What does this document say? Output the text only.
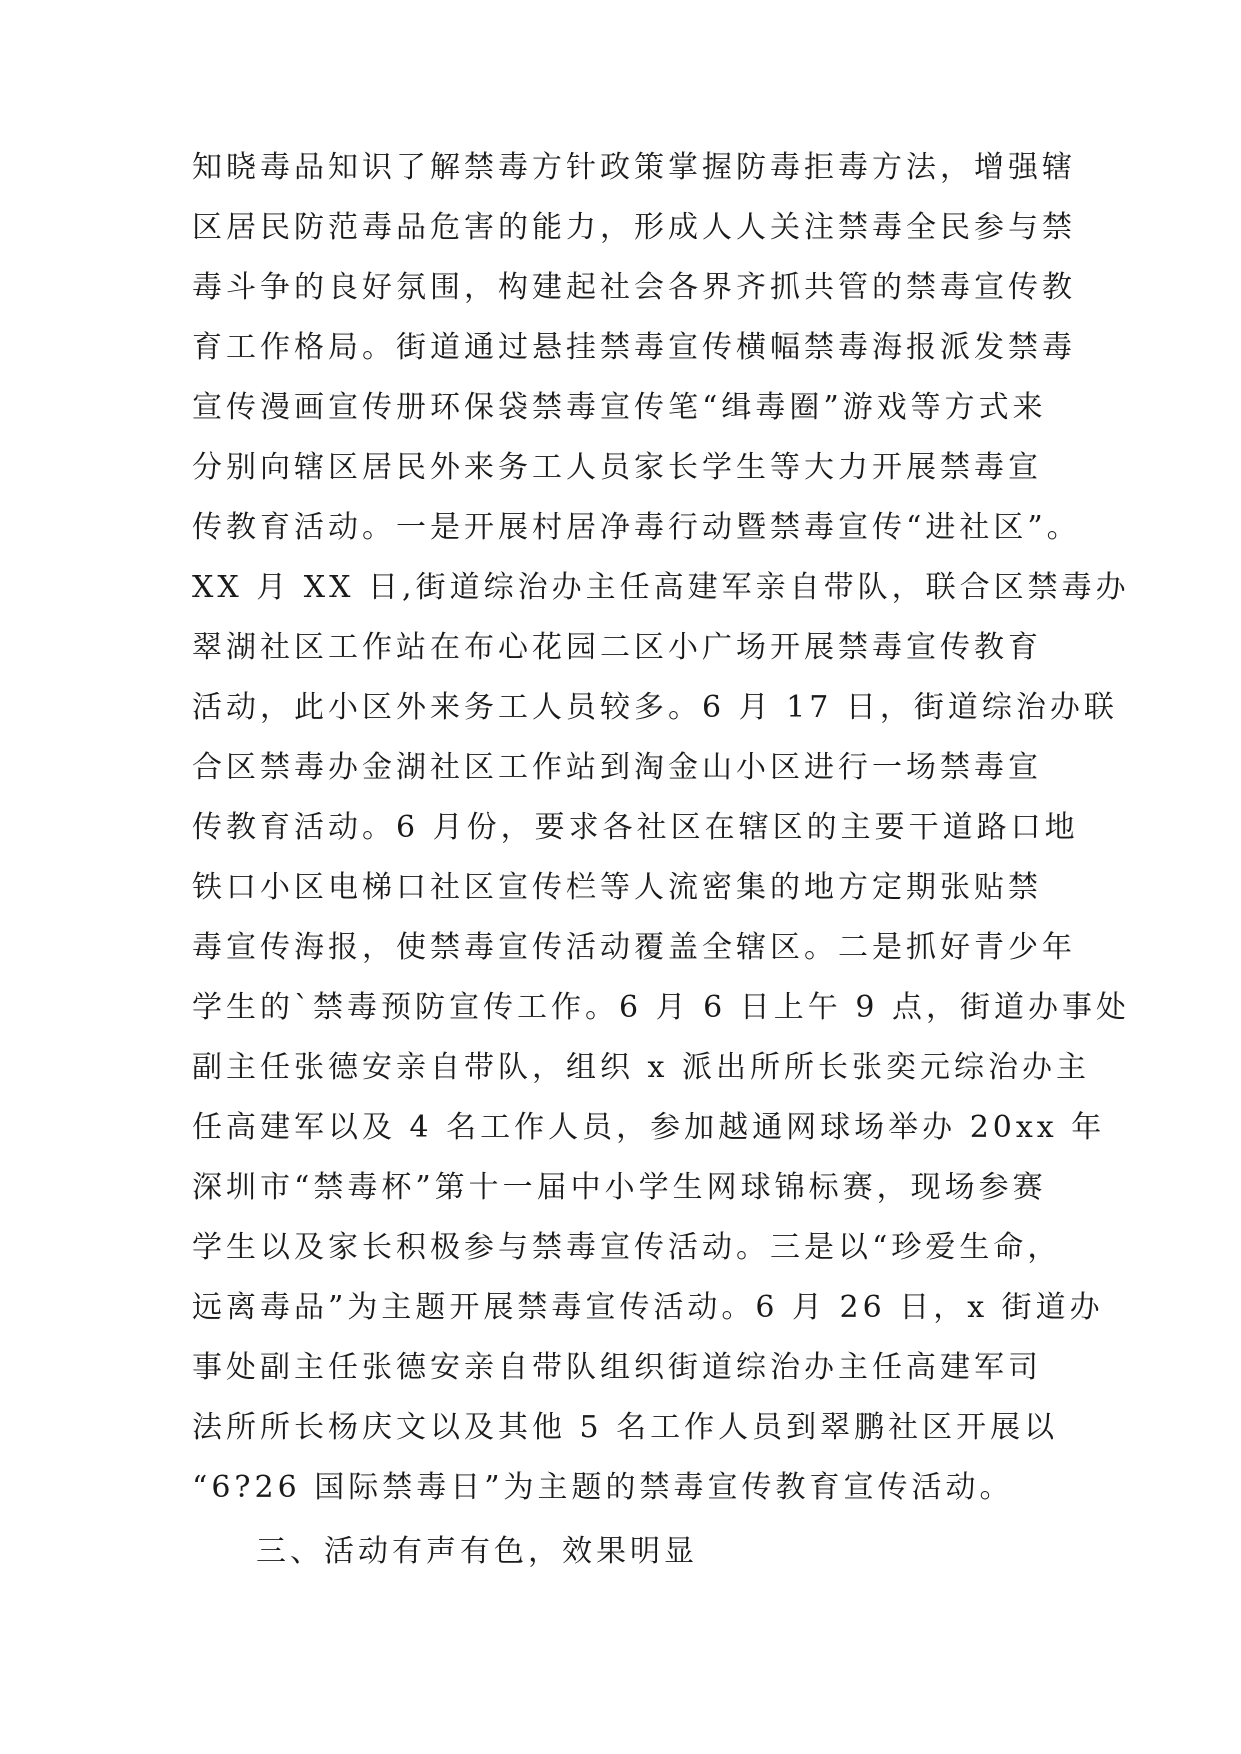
知晓毒品知识了解禁毒方针政策掌握防毒拒毒方法，增强辖
区居民防范毒品危害的能力，形成人人关注禁毒全民参与禁
毒斗争的良好氛围，构建起社会各界齐抓共管的禁毒宣传教
育工作格局。街道通过悬挂禁毒宣传横幅禁毒海报派发禁毒
宣传漫画宣传册环保袋禁毒宣传笔“缉毒圈”游戏等方式来
分别向辖区居民外来务工人员家长学生等大力开展禁毒宣
传教育活动。一是开展村居净毒行动暨禁毒宣传“进社区”。
XX 月 XX 日,街道综治办主任高建军亲自带队，联合区禁毒办
翠湖社区工作站在布心花园二区小广场开展禁毒宣传教育
活动，此小区外来务工人员较多。6 月 17 日，街道综治办联
合区禁毒办金湖社区工作站到淘金山小区进行一场禁毒宣
传教育活动。6 月份，要求各社区在辖区的主要干道路口地
铁口小区电梯口社区宣传栏等人流密集的地方定期张贴禁
毒宣传海报，使禁毒宣传活动覆盖全辖区。二是抓好青少年
学生的`禁毒预防宣传工作。6 月 6 日上午 9 点，街道办事处
副主任张德安亲自带队，组织 x 派出所所长张奕元综治办主
任高建军以及 4 名工作人员，参加越通网球场举办 20xx 年
深圳市“禁毒杯”第十一届中小学生网球锦标赛，现场参赛
学生以及家长积极参与禁毒宣传活动。三是以“珍爱生命，
远离毒品”为主题开展禁毒宣传活动。6 月 26 日，x 街道办
事处副主任张德安亲自带队组织街道综治办主任高建军司
法所所长杨庆文以及其他 5 名工作人员到翠鹏社区开展以
“6?26 国际禁毒日”为主题的禁毒宣传教育宣传活动。
三、活动有声有色，效果明显
